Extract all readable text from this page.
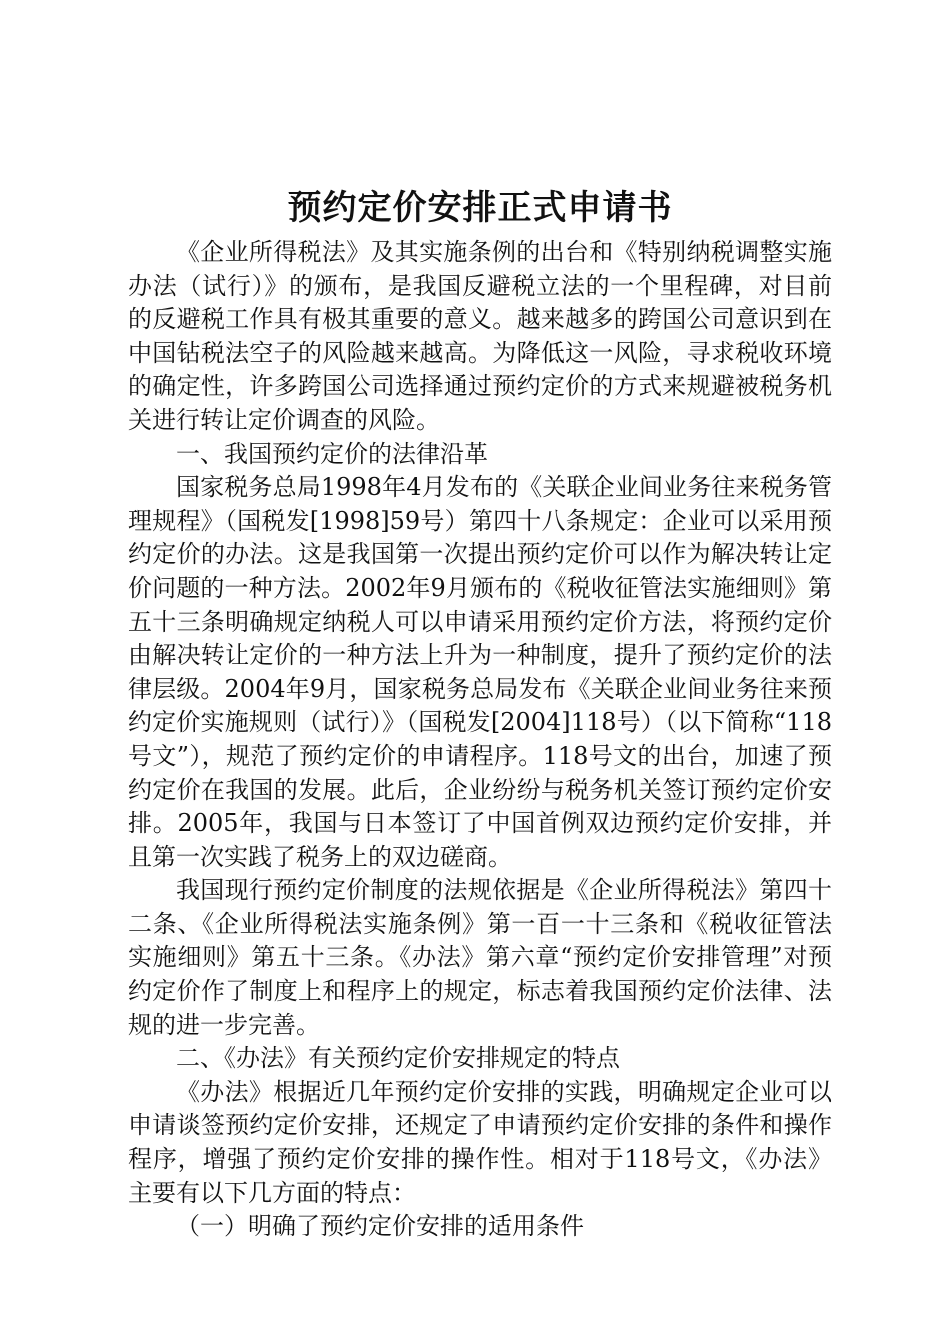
预约定价安排正式申请书

《企业所得税法》及其实施条例的出台和《特别纳税调整实施办法（试行）》的颁布，是我国反避税立法的一个里程碑，对目前的反避税工作具有极其重要的意义。越来越多的跨国公司意识到在中国钻税法空子的风险越来越高。为降低这一风险，寻求税收环境的确定性，许多跨国公司选择通过预约定价的方式来规避被税务机关进行转让定价调查的风险。

一、我国预约定价的法律沿革

国家税务总局1998年4月发布的《关联企业间业务往来税务管理规程》（国税发[1998]59号）第四十八条规定：企业可以采用预约定价的办法。这是我国第一次提出预约定价可以作为解决转让定价问题的一种方法。2002年9月颁布的《税收征管法实施细则》第五十三条明确规定纳税人可以申请采用预约定价方法，将预约定价由解决转让定价的一种方法上升为一种制度，提升了预约定价的法律层级。2004年9月，国家税务总局发布《关联企业间业务往来预约定价实施规则（试行）》（国税发[2004]118号）（以下简称“118号文”），规范了预约定价的申请程序。118号文的出台，加速了预约定价在我国的发展。此后，企业纷纷与税务机关签订预约定价安排。2005年，我国与日本签订了中国首例双边预约定价安排，并且第一次实践了税务上的双边磋商。

我国现行预约定价制度的法规依据是《企业所得税法》第四十二条、《企业所得税法实施条例》第一百一十三条和《税收征管法实施细则》第五十三条。《办法》第六章“预约定价安排管理”对预约定价作了制度上和程序上的规定，标志着我国预约定价法律、法规的进一步完善。

二、《办法》有关预约定价安排规定的特点

《办法》根据近几年预约定价安排的实践，明确规定企业可以申请谈签预约定价安排，还规定了申请预约定价安排的条件和操作程序，增强了预约定价安排的操作性。相对于118号文，《办法》主要有以下几方面的特点：

（一）明确了预约定价安排的适用条件
